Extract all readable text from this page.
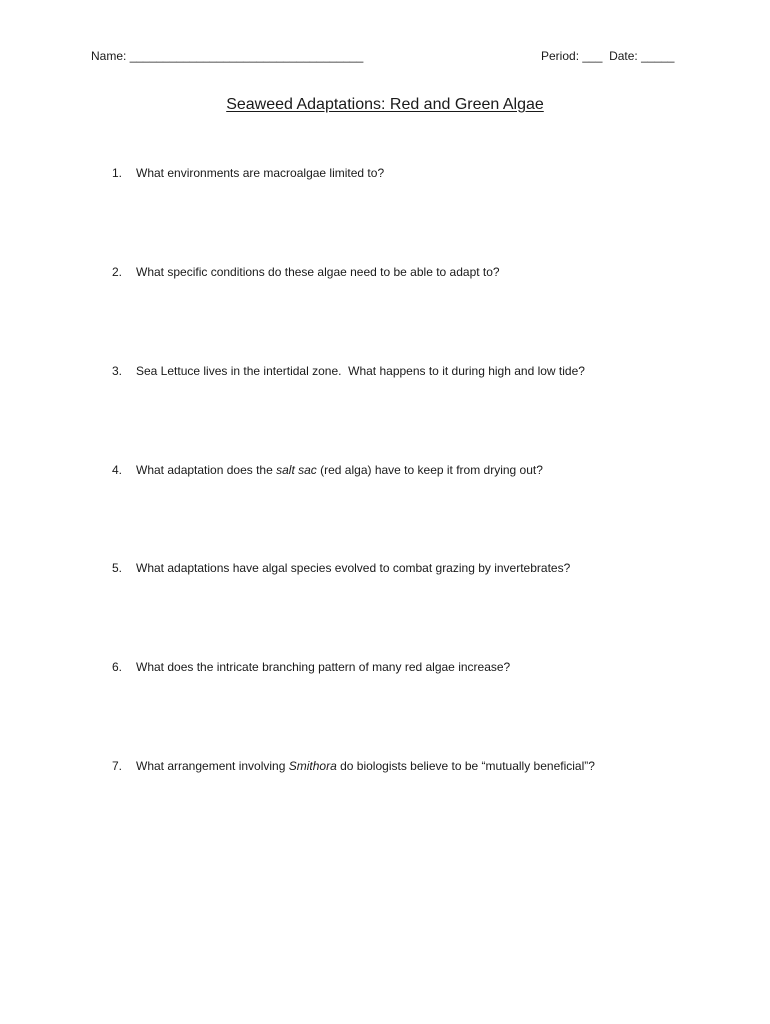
Name: ___________________________________	Period: ___ Date: _____
Seaweed Adaptations: Red and Green Algae
1. What environments are macroalgae limited to?
2. What specific conditions do these algae need to be able to adapt to?
3. Sea Lettuce lives in the intertidal zone.  What happens to it during high and low tide?
4. What adaptation does the salt sac (red alga) have to keep it from drying out?
5. What adaptations have algal species evolved to combat grazing by invertebrates?
6. What does the intricate branching pattern of many red algae increase?
7. What arrangement involving Smithora do biologists believe to be “mutually beneficial”?
